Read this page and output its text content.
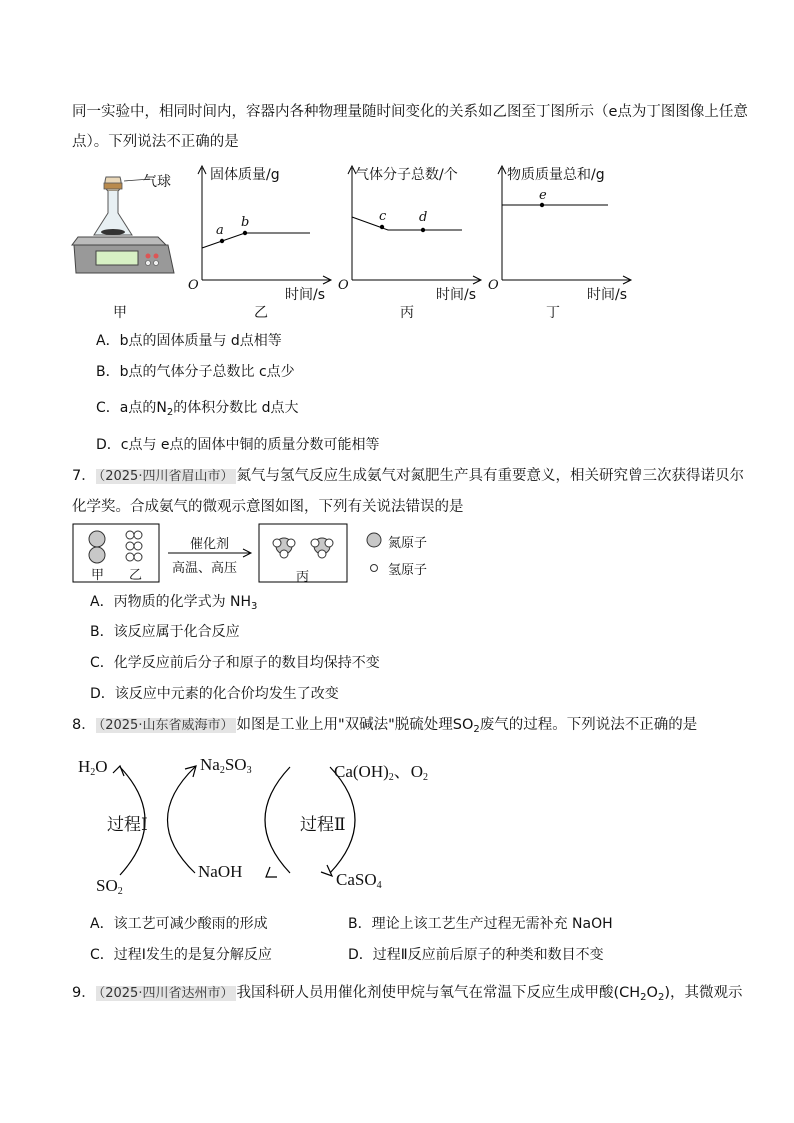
同一实验中，相同时间内，容器内各种物理量随时间变化的关系如乙图至丁图所示（e点为丁图图像上任意
点）。下列说法不正确的是
气球
甲
固体质量/g
a
b
O
时间/s
乙
气体分子总数/个
c	d
O
时间/s
丙
物质质量总和/g
e
O
时间/s
丁
A．b点的固体质量与 d点相等
B．b点的气体分子总数比 c点少
C．a点的$N_2$的体积分数比 d点大
D．c点与 e点的固体中铜的质量分数可能相等
7． （2025·四川省眉山市） 氮气与氢气反应生成氨气对氮肥生产具有重要意义，相关研究曾三次获得诺贝尔
化学奖。合成氨气的微观示意图如图，下列有关说法错误的是
甲 乙
催化剂
高温、高压
丙
氮原子
氢原子
A．丙物质的化学式为 $NH_3$
B．该反应属于化合反应
C．化学反应前后分子和原子的数目均保持不变
D．该反应中元素的化合价均发生了改变
8． （2025·山东省威海市） 如图是工业上用"双碱法"脱硫处理$SO_2$废气的过程。下列说法不正确的是
$H_2O$	$Na_2SO_3$	$Ca(OH)_2$、$O_2$
过程Ⅰ	过程Ⅱ
NaOH
$SO_2$
CaSO$_4$
A．该工艺可减少酸雨的形成	B．理论上该工艺生产过程无需补充 NaOH
C．过程Ⅰ发生的是复分解反应	D．过程Ⅱ反应前后原子的种类和数目不变
9． （2025·四川省达州市） 我国科研人员用催化剂使甲烷与氧气在常温下反应生成甲酸$(CH_2O_2)$，其微观示
